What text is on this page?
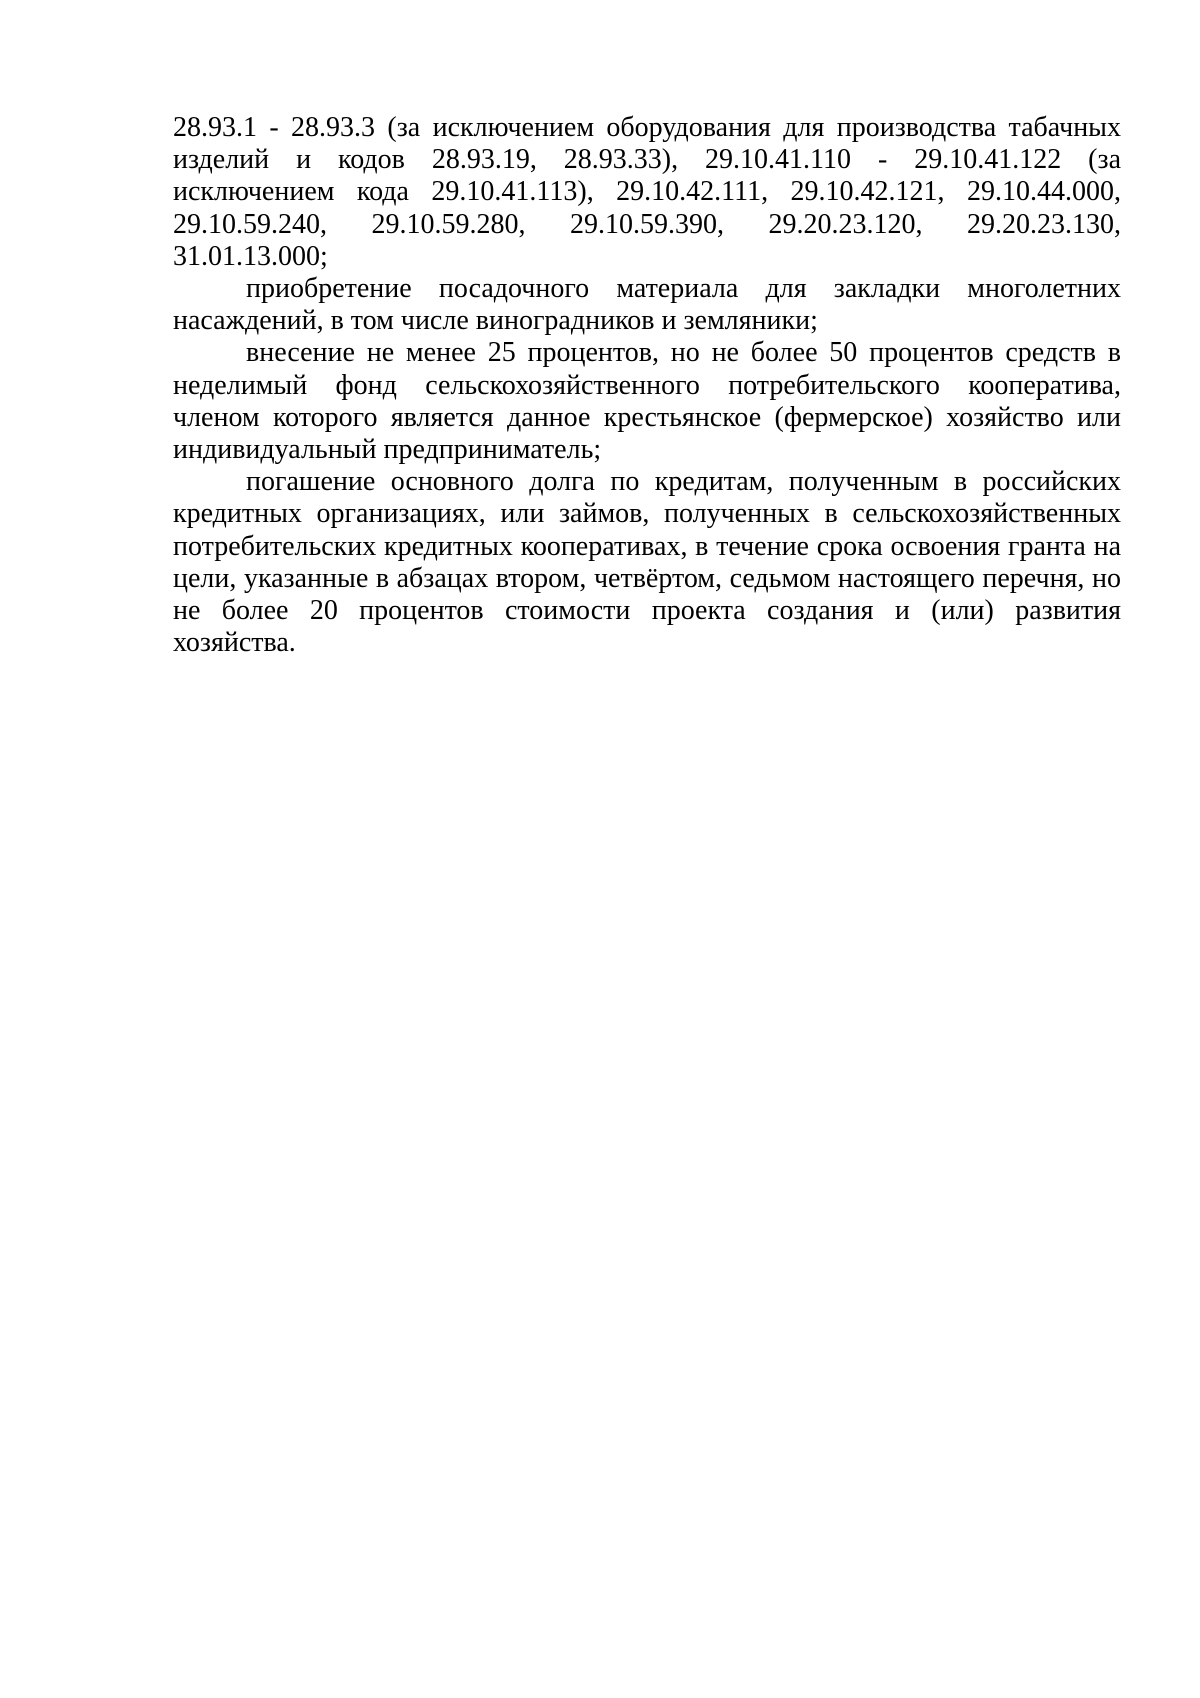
28.93.1 - 28.93.3 (за исключением оборудования для производства табачных изделий и кодов 28.93.19, 28.93.33), 29.10.41.110 - 29.10.41.122 (за исключением кода 29.10.41.113), 29.10.42.111, 29.10.42.121, 29.10.44.000, 29.10.59.240, 29.10.59.280, 29.10.59.390, 29.20.23.120, 29.20.23.130, 31.01.13.000;

приобретение посадочного материала для закладки многолетних насаждений, в том числе виноградников и земляники;

внесение не менее 25 процентов, но не более 50 процентов средств в неделимый фонд сельскохозяйственного потребительского кооператива, членом которого является данное крестьянское (фермерское) хозяйство или индивидуальный предприниматель;

погашение основного долга по кредитам, полученным в российских кредитных организациях, или займов, полученных в сельскохозяйственных потребительских кредитных кооперативах, в течение срока освоения гранта на цели, указанные в абзацах втором, четвёртом, седьмом настоящего перечня, но не более 20 процентов стоимости проекта создания и (или) развития хозяйства.
